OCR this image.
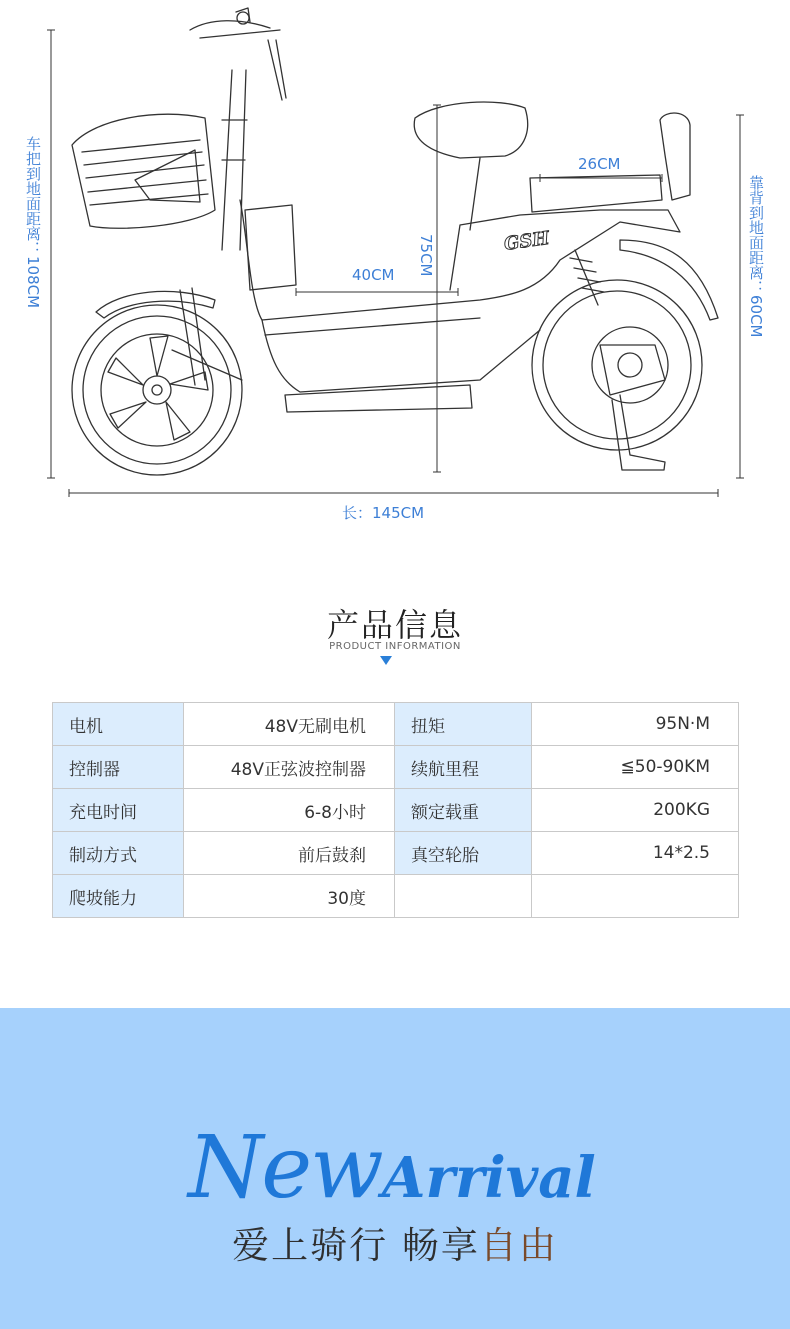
GSH
车把到地面距离：108CM	靠背到地面距离：60CM
长：145CM
75CM
40CM
26CM
产品信息
PRODUCT INFORMATION
电机	48V无刷电机	扭矩	95N·M
控制器	48V正弦波控制器	续航里程	≦50-90KM
充电时间	6-8小时	额定载重	200KG
制动方式	前后鼓刹	真空轮胎	14*2.5
爬坡能力	30度		
New Arrival
爱上骑行 畅享自由
